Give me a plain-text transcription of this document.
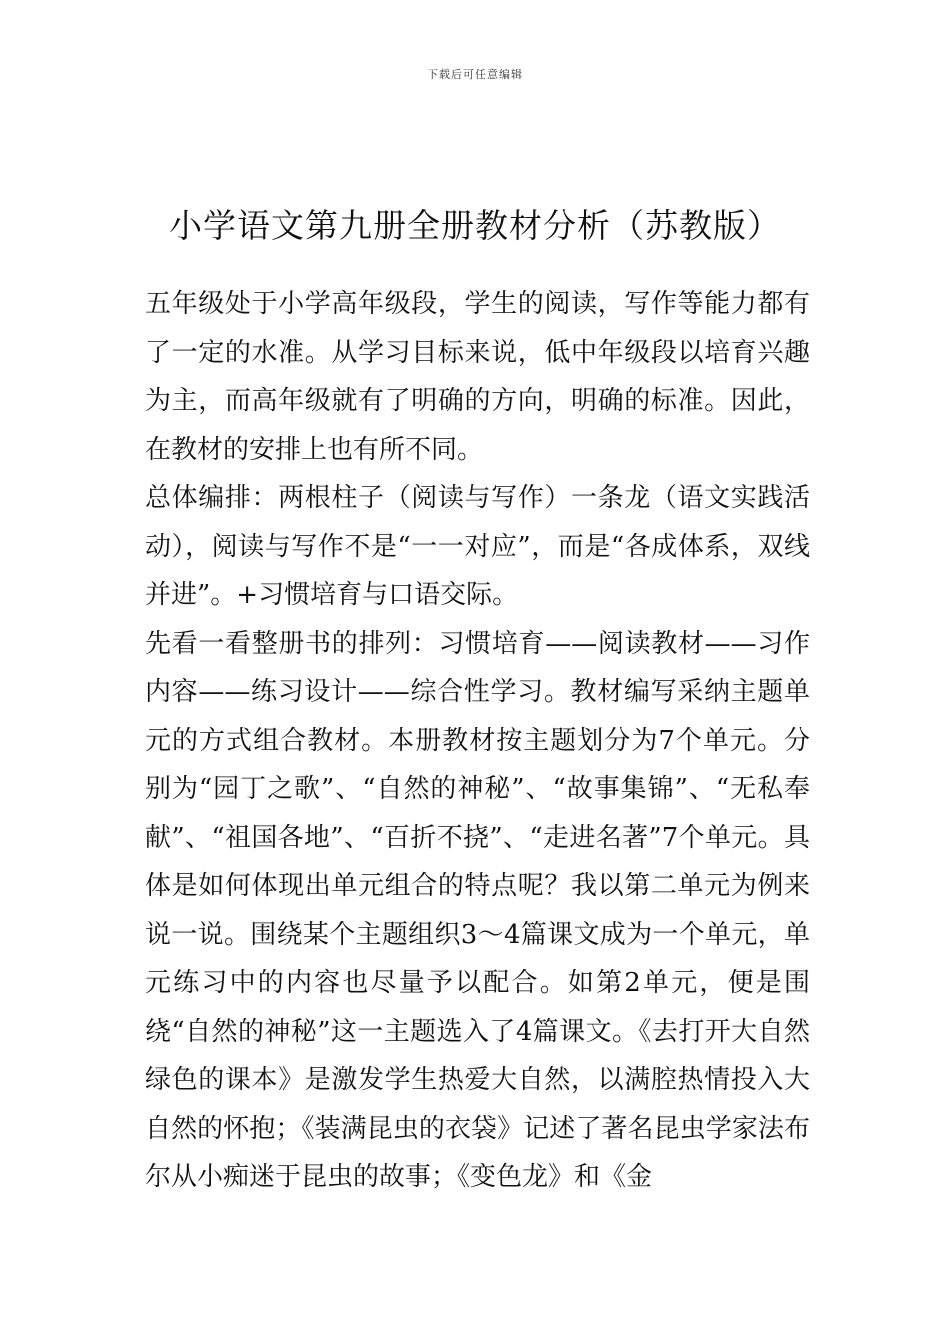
下载后可任意编辑
小学语文第九册全册教材分析（苏教版）

五年级处于小学高年级段，学生的阅读，写作等能力都有了一定的水准。从学习目标来说，低中年级段以培育兴趣为主，而高年级就有了明确的方向，明确的标准。因此，在教材的安排上也有所不同。

总体编排：两根柱子（阅读与写作）一条龙（语文实践活动），阅读与写作不是“一一对应”，而是“各成体系，双线并进”。+习惯培育与口语交际。

先看一看整册书的排列：习惯培育——阅读教材——习作内容——练习设计——综合性学习。教材编写采纳主题单元的方式组合教材。本册教材按主题划分为7个单元。分别为“园丁之歌”、“自然的神秘”、“故事集锦”、“无私奉献”、“祖国各地”、“百折不挠”、“走进名著”7个单元。具体是如何体现出单元组合的特点呢？我以第二单元为例来说一说。围绕某个主题组织3～4篇课文成为一个单元，单元练习中的内容也尽量予以配合。如第2单元，便是围绕“自然的神秘”这一主题选入了4篇课文。《去打开大自然绿色的课本》是激发学生热爱大自然，以满腔热情投入大自然的怀抱；《装满昆虫的衣袋》记述了著名昆虫学家法布尔从小痴迷于昆虫的故事；《变色龙》和《金
